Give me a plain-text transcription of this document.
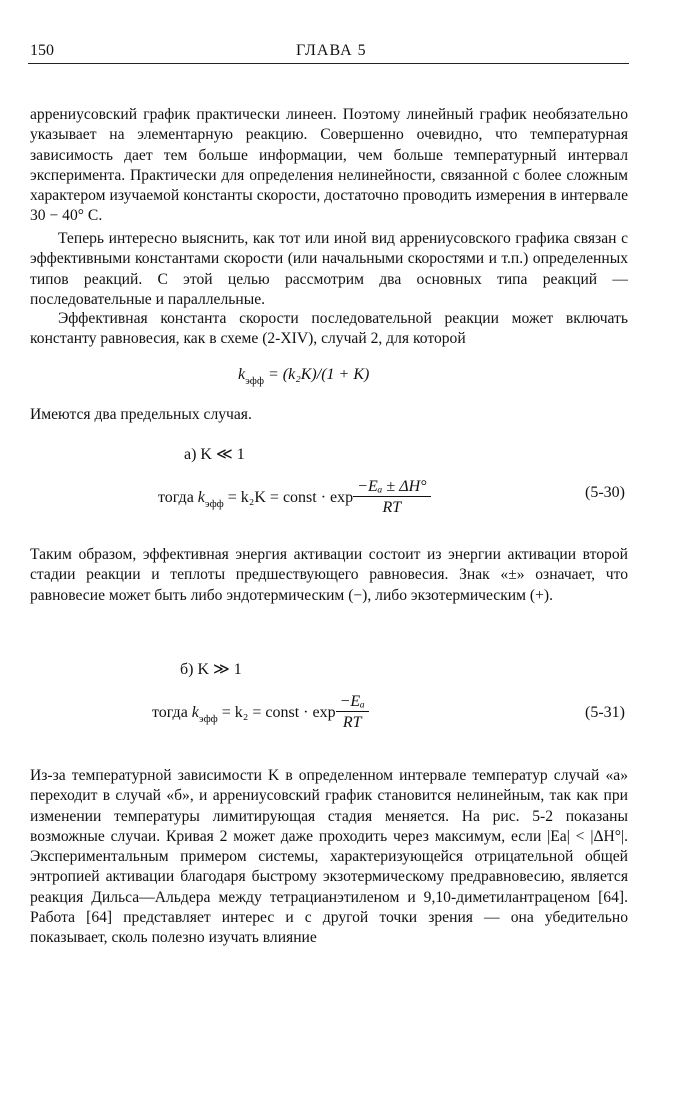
150	ГЛАВА 5

аррениусовский график практически линеен. Поэтому линейный график необязательно указывает на элементарную реакцию. Совершенно очевидно, что температурная зависимость дает тем больше информации, чем больше температурный интервал эксперимента. Практически для определения нелинейности, связанной с более сложным характером изучаемой константы скорости, достаточно проводить измерения в интервале 30 − 40° С.

Теперь интересно выяснить, как тот или иной вид аррениусовского графика связан с эффективными константами скорости (или начальными скоростями и т.п.) определенных типов реакций. С этой целью рассмотрим два основных типа реакций — последовательные и параллельные.

Эффективная константа скорости последовательной реакции может включать константу равновесия, как в схеме (2-XIV), случай 2, для которой

$k_{эфф} = (k_2K)/(1 + K)$

Имеются два предельных случая.

а) K ≪ 1
тогда $k_{эфф} = k_2K$ = const · $\exp \frac{\text{−Eₐ ± ΔH°}}{RT}$	(5-30)

Таким образом, эффективная энергия активации состоит из энергии активации второй стадии реакции и теплоты предшествующего равновесия. Знак «±» означает, что равновесие может быть либо эндотермическим (−), либо экзотермическим (+).

б) K ≫ 1
тогда $k_{эфф} = k_2$ = const · $\exp \frac{\text{−Eₐ}}{RT}$	(5-31)

Из-за температурной зависимости K в определенном интервале температур случай «а» переходит в случай «б», и аррениусовский график становится нелинейным, так как при изменении температуры лимитирующая стадия меняется. На рис. 5-2 показаны возможные случаи. Кривая 2 может даже проходить через максимум, если |Ea| < |ΔH°|. Экспериментальным примером системы, характеризующейся отрицательной общей энтропией активации благодаря быстрому экзотермическому предравновесию, является реакция Дильса—Альдера между тетрацианэтиленом и 9,10-диметилантраценом [64]. Работа [64] представляет интерес и с другой точки зрения — она убедительно показывает, сколь полезно изучать влияние
